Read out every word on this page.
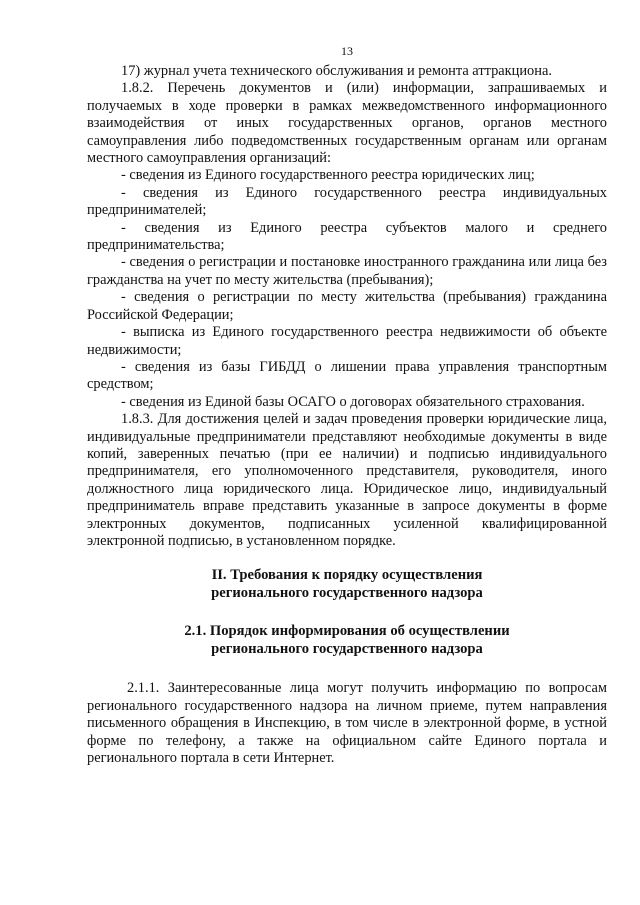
13

17) журнал учета технического обслуживания и ремонта аттракциона.

1.8.2. Перечень документов и (или) информации, запрашиваемых и получаемых в ходе проверки в рамках межведомственного информационного взаимодействия от иных государственных органов, органов местного самоуправления либо подведомственных государственным органам или органам местного самоуправления организаций:

- сведения из Единого государственного реестра юридических лиц;

- сведения из Единого государственного реестра индивидуальных предпринимателей;

- сведения из Единого реестра субъектов малого и среднего предпринимательства;

- сведения о регистрации и постановке иностранного гражданина или лица без гражданства на учет по месту жительства (пребывания);

- сведения о регистрации по месту жительства (пребывания) гражданина Российской Федерации;

- выписка из Единого государственного реестра недвижимости об объекте недвижимости;

- сведения из базы ГИБДД о лишении права управления транспортным средством;

- сведения из Единой базы ОСАГО о договорах обязательного страхования.

1.8.3. Для достижения целей и задач проведения проверки юридические лица, индивидуальные предприниматели представляют необходимые документы в виде копий, заверенных печатью (при ее наличии) и подписью индивидуального предпринимателя, его уполномоченного представителя, руководителя, иного должностного лица юридического лица. Юридическое лицо, индивидуальный предприниматель вправе представить указанные в запросе документы в форме электронных документов, подписанных усиленной квалифицированной электронной подписью, в установленном порядке.

II. Требования к порядку осуществления
регионального государственного надзора
2.1. Порядок информирования об осуществлении
регионального государственного надзора

2.1.1. Заинтересованные лица могут получить информацию по вопросам регионального государственного надзора на личном приеме, путем направления письменного обращения в Инспекцию, в том числе в электронной форме, в устной форме по телефону, а также на официальном сайте Единого портала и регионального портала в сети Интернет.
